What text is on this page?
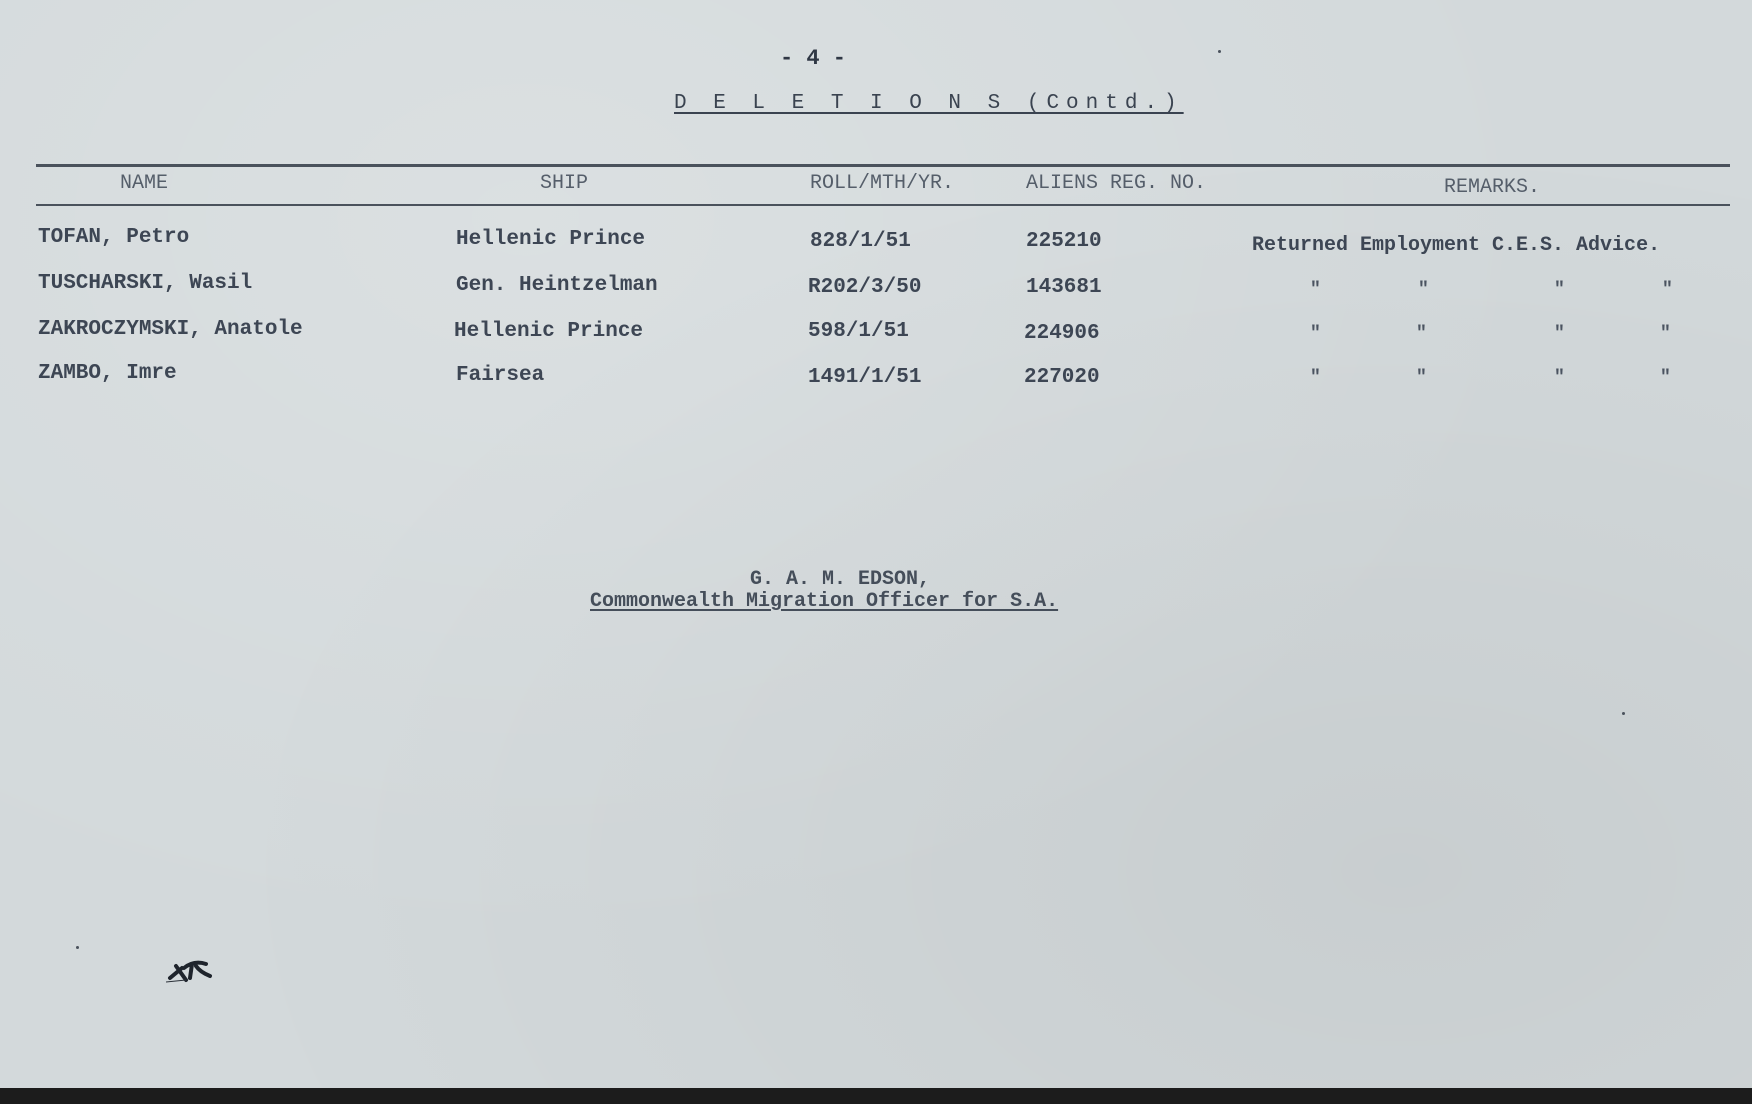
- 4 -
D E L E T I O N S (Contd.)
NAME	SHIP	ROLL/MTH/YR.	ALIENS REG. NO.	REMARKS.
TOFAN, Petro	Hellenic Prince	828/1/51	225210	Returned Employment C.E.S. Advice.
TUSCHARSKI, Wasil	Gen. Heintzelman	R202/3/50	143681	"	"	"	"
ZAKROCZYMSKI, Anatole	Hellenic Prince	598/1/51	224906	"	"	"	"
ZAMBO, Imre	Fairsea	1491/1/51	227020	"	"	"	"
G. A. M. EDSON,
Commonwealth Migration Officer for S.A.
